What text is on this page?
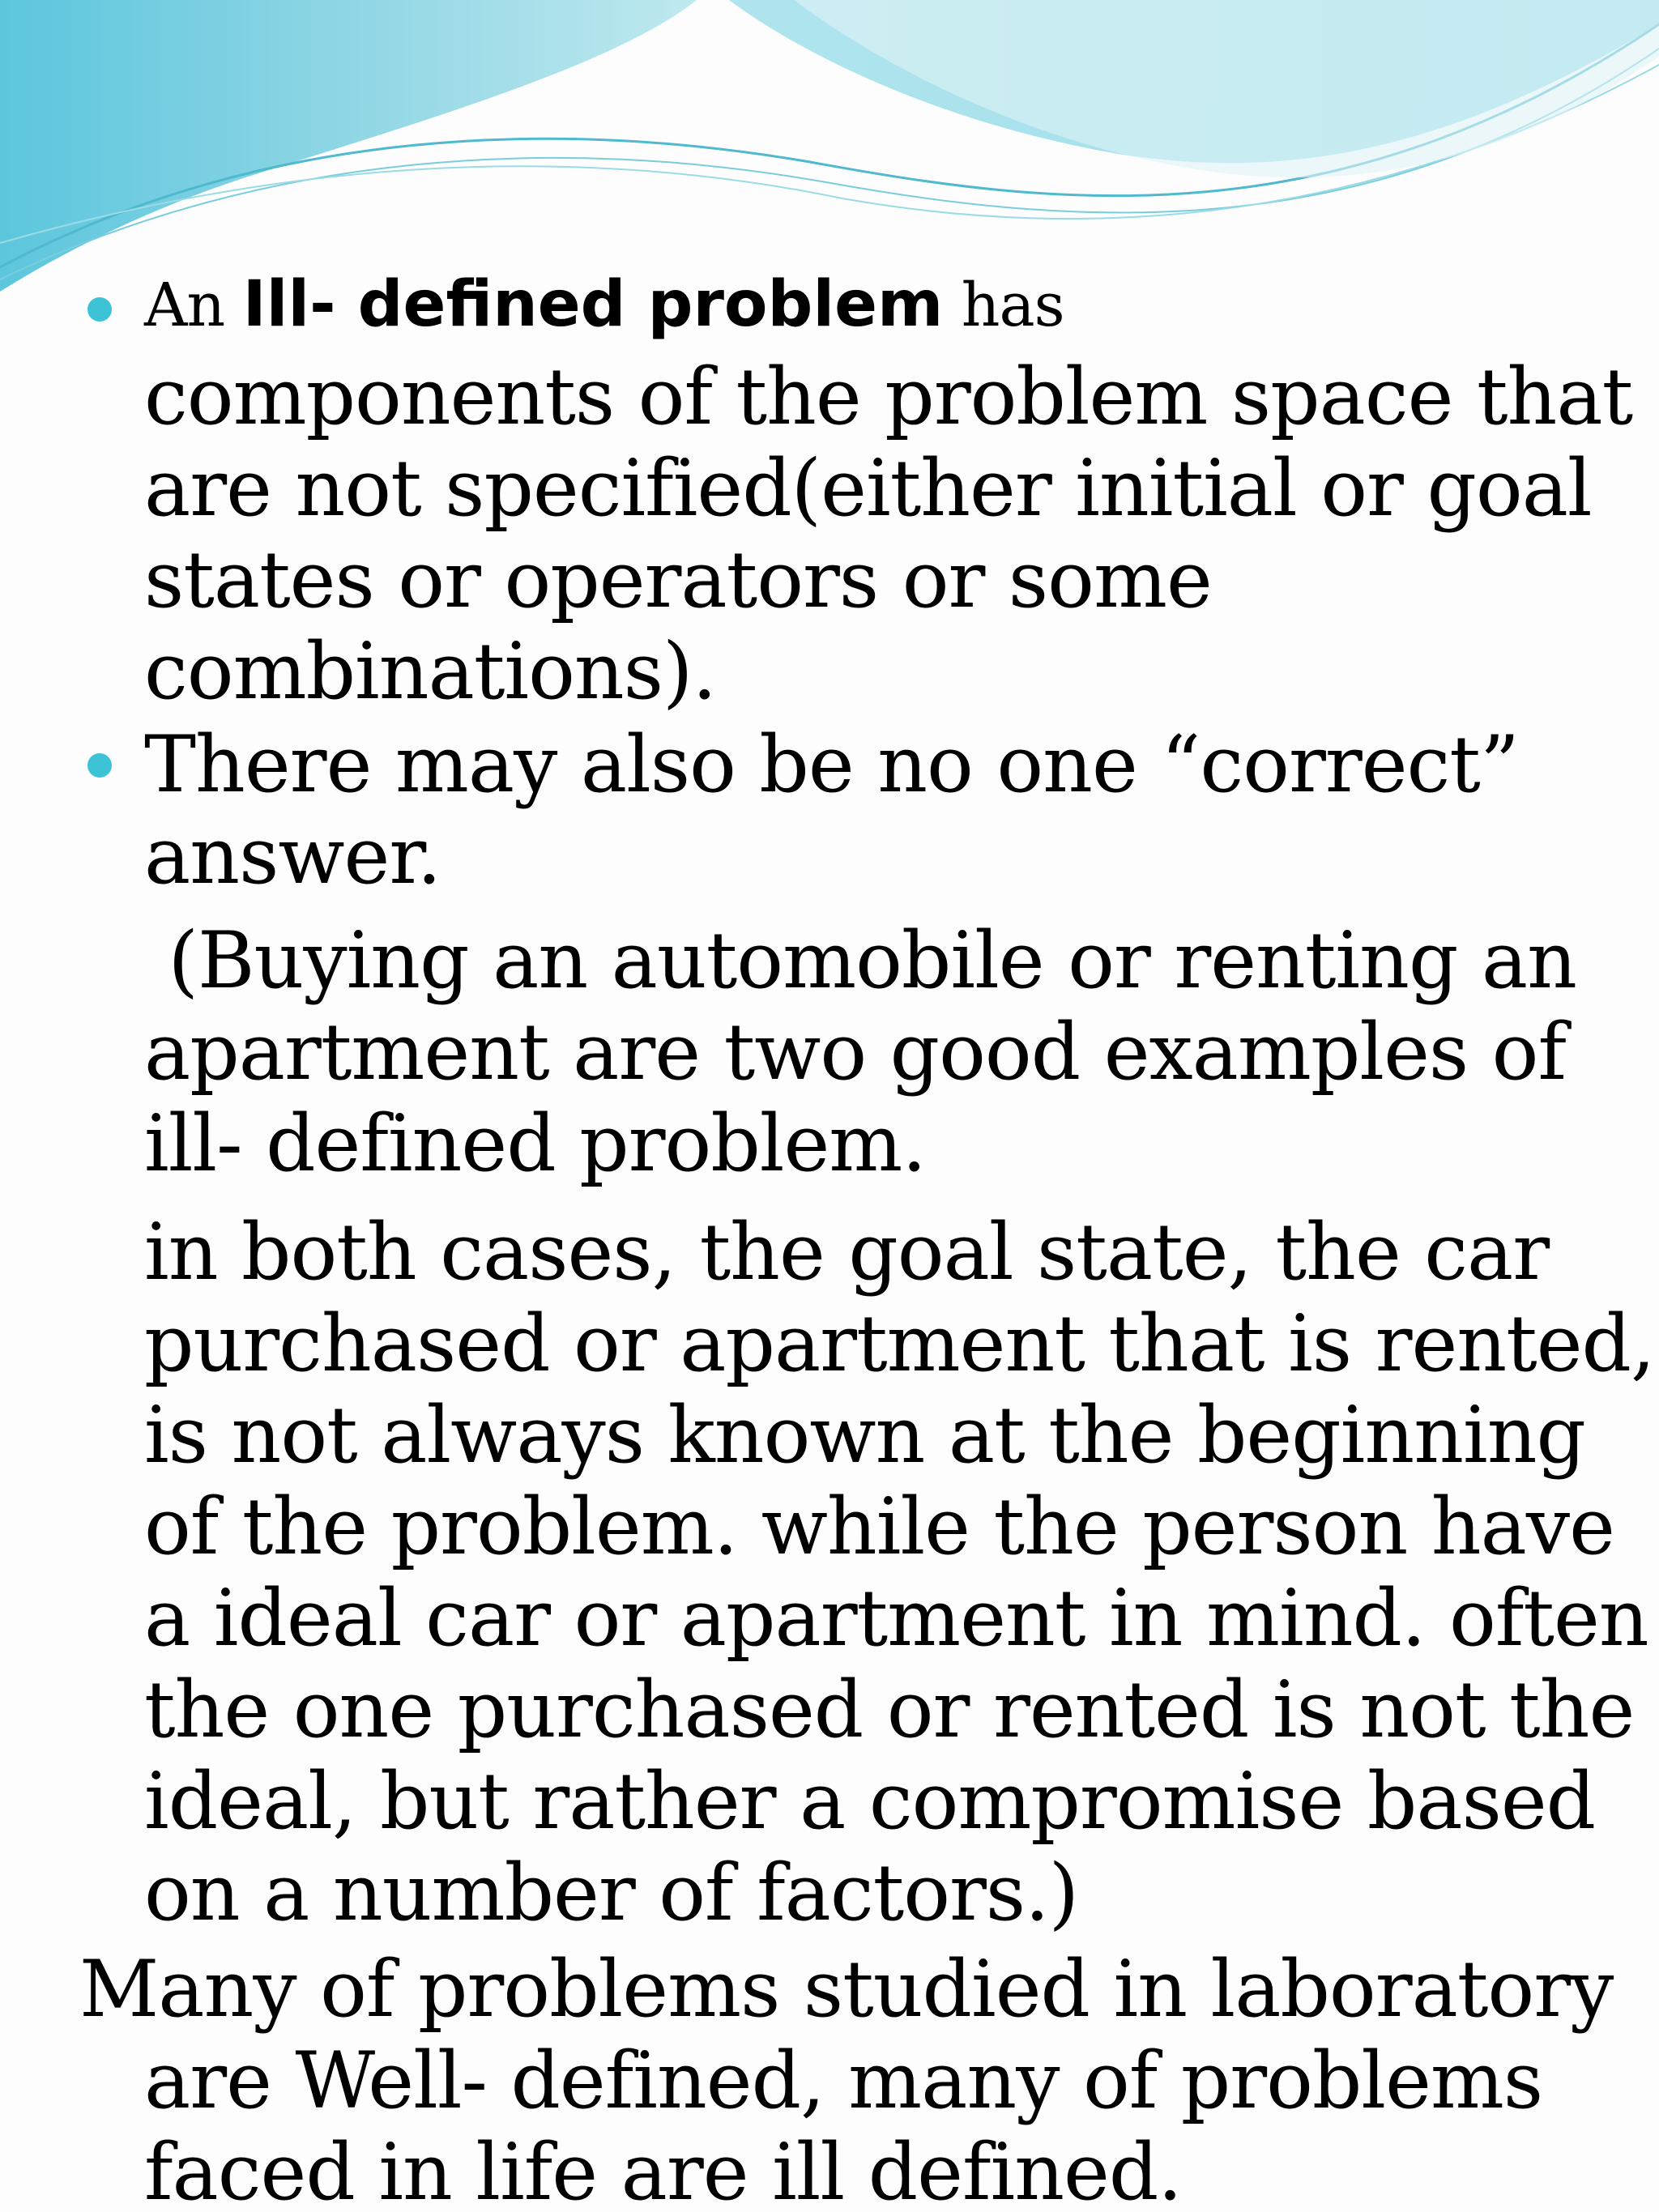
An Ill- defined problem has
components of the problem space that
are not specified(either initial or goal
states or operators or some
combinations).
There may also be no one “correct”
answer.
(Buying an automobile or renting an
apartment are two good examples of
ill- defined problem.
in both cases, the goal state, the car
purchased or apartment that is rented,
is not always known at the beginning
of the problem. while the person have
a ideal car or apartment in mind. often
the one purchased or rented is not the
ideal, but rather a compromise based
on a number of factors.)
Many of problems studied in laboratory
are Well- defined, many of problems
faced in life are ill defined.
